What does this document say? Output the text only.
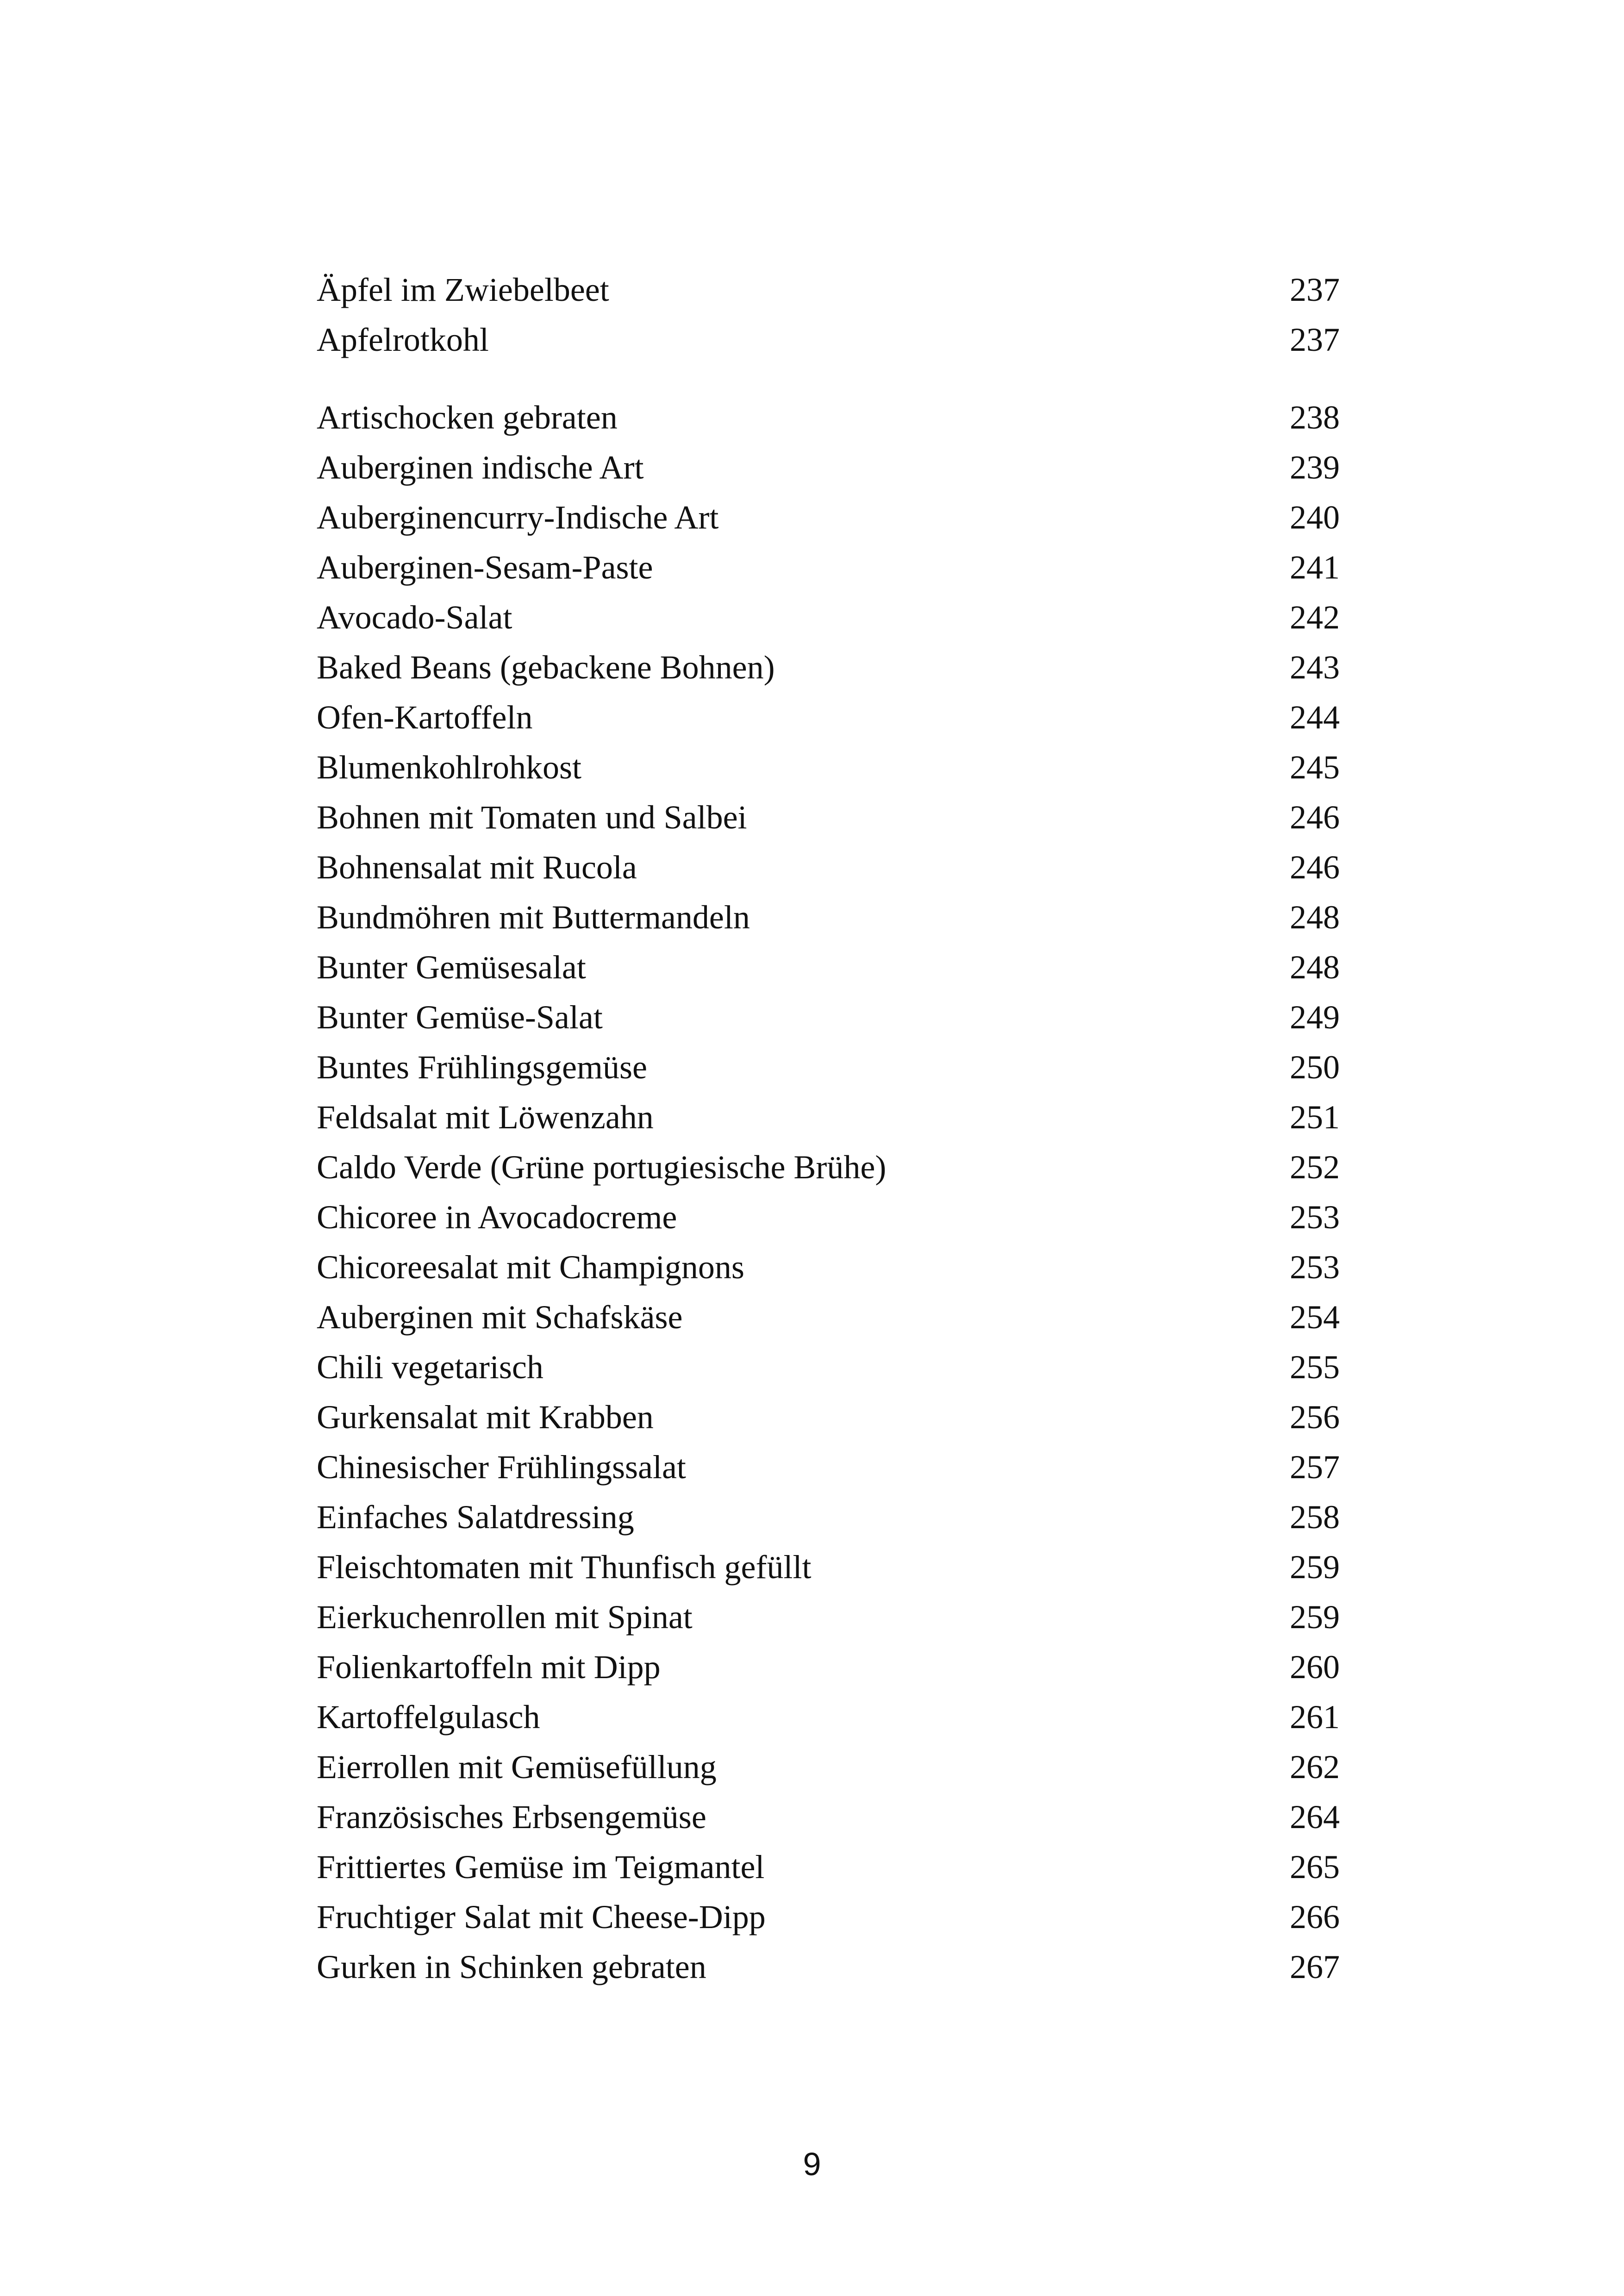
Äpfel im Zwiebelbeet	237
Apfelrotkohl	237
Artischocken gebraten	238
Auberginen indische Art	239
Auberginencurry-Indische Art	240
Auberginen-Sesam-Paste	241
Avocado-Salat	242
Baked Beans (gebackene Bohnen)	243
Ofen-Kartoffeln	244
Blumenkohlrohkost	245
Bohnen mit Tomaten und Salbei	246
Bohnensalat mit Rucola	246
Bundmöhren mit Buttermandeln	248
Bunter Gemüsesalat	248
Bunter Gemüse-Salat	249
Buntes Frühlingsgemüse	250
Feldsalat mit Löwenzahn	251
Caldo Verde (Grüne portugiesische Brühe)	252
Chicoree in Avocadocreme	253
Chicoreesalat mit Champignons	253
Auberginen mit Schafskäse	254
Chili vegetarisch	255
Gurkensalat mit Krabben	256
Chinesischer Frühlingssalat	257
Einfaches Salatdressing	258
Fleischtomaten mit Thunfisch gefüllt	259
Eierkuchenrollen mit Spinat	259
Folienkartoffeln mit Dipp	260
Kartoffelgulasch	261
Eierrollen mit Gemüsefüllung	262
Französisches Erbsengemüse	264
Frittiertes Gemüse im Teigmantel	265
Fruchtiger Salat mit Cheese-Dipp	266
Gurken in Schinken gebraten	267
9
